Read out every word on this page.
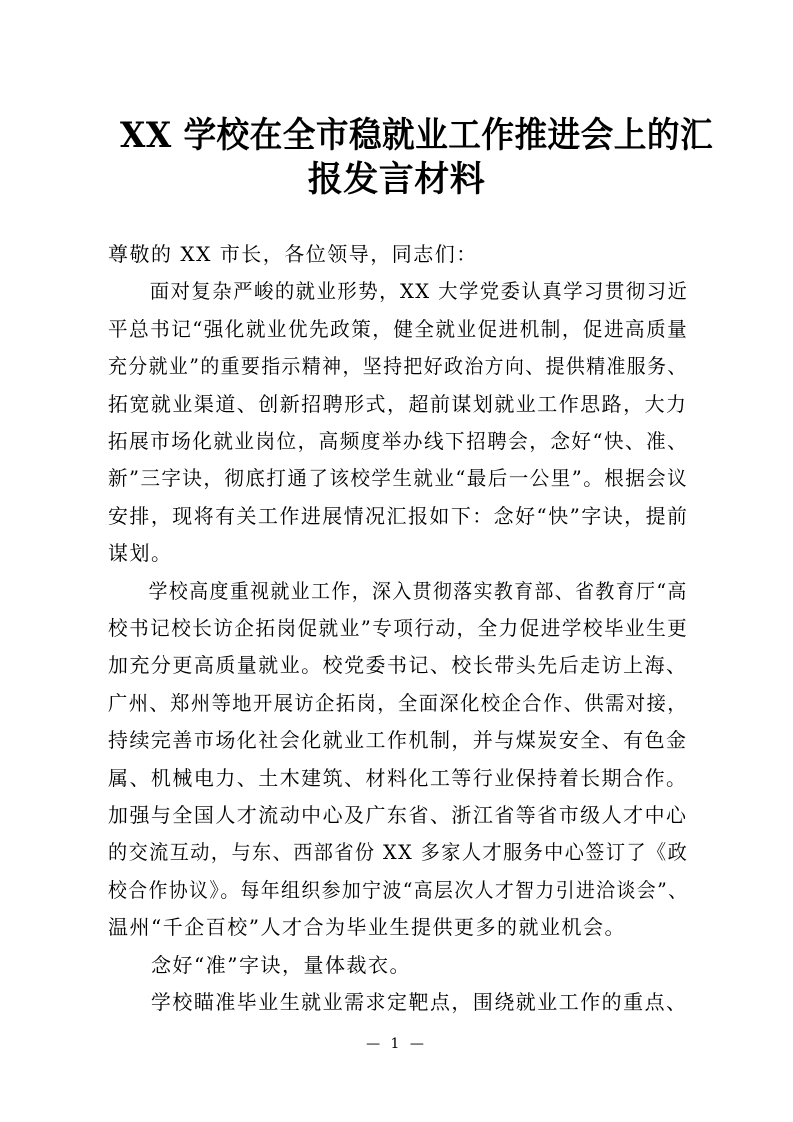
XX 学校在全市稳就业工作推进会上的汇
报发言材料
尊敬的 XX 市长，各位领导，同志们：
　　面对复杂严峻的就业形势，XX 大学党委认真学习贯彻习近
平总书记“强化就业优先政策，健全就业促进机制，促进高质量
充分就业”的重要指示精神，坚持把好政治方向、提供精准服务、
拓宽就业渠道、创新招聘形式，超前谋划就业工作思路，大力
拓展市场化就业岗位，高频度举办线下招聘会，念好“快、准、
新”三字诀，彻底打通了该校学生就业“最后一公里”。根据会议
安排，现将有关工作进展情况汇报如下：念好“快”字诀，提前
谋划。
　　学校高度重视就业工作，深入贯彻落实教育部、省教育厅“高
校书记校长访企拓岗促就业”专项行动，全力促进学校毕业生更
加充分更高质量就业。校党委书记、校长带头先后走访上海、
广州、郑州等地开展访企拓岗，全面深化校企合作、供需对接，
持续完善市场化社会化就业工作机制，并与煤炭安全、有色金
属、机械电力、土木建筑、材料化工等行业保持着长期合作。
加强与全国人才流动中心及广东省、浙江省等省市级人才中心
的交流互动，与东、西部省份 XX 多家人才服务中心签订了《政
校合作协议》。每年组织参加宁波“高层次人才智力引进洽谈会”、
温州“千企百校”人才合为毕业生提供更多的就业机会。
　　念好“准”字诀，量体裁衣。
　　学校瞄准毕业生就业需求定靶点，围绕就业工作的重点、
— 1 —
